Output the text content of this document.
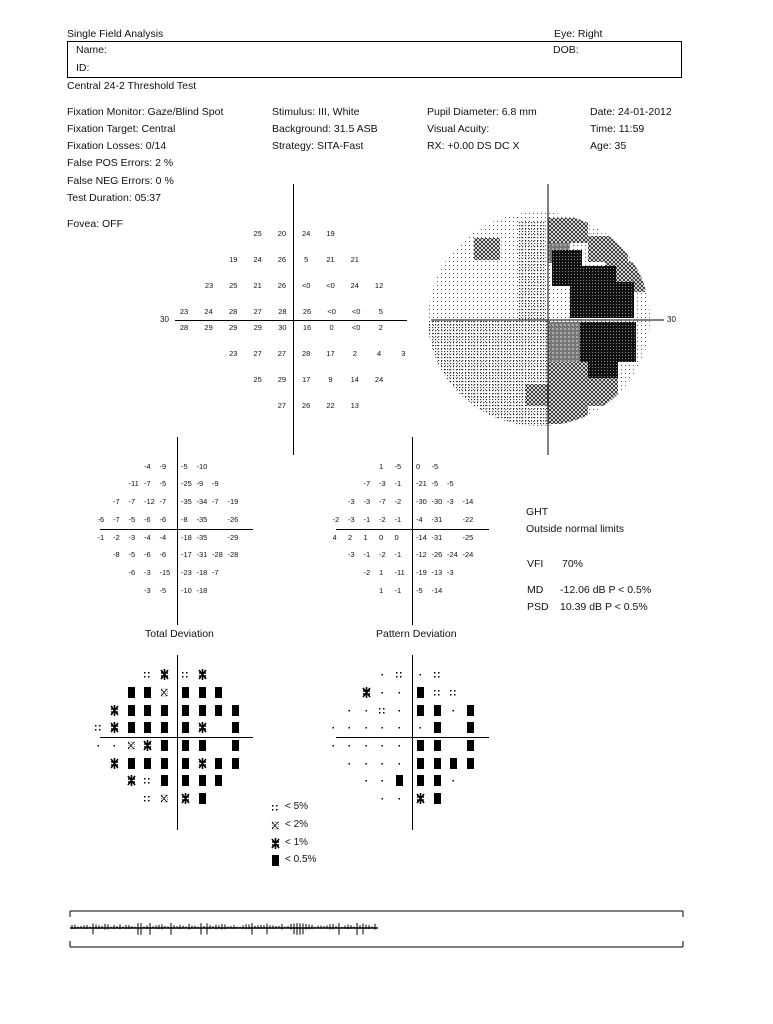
Single Field Analysis	Eye: Right
Name:	DOB:
ID:
Central 24-2 Threshold Test
Fixation Monitor: Gaze/Blind Spot
Fixation Target: Central
Fixation Losses: 0/14
False POS Errors: 2 %
False NEG Errors: 0 %
Test Duration: 05:37
Fovea: OFF
Stimulus: III, White
Background: 31.5 ASB
Strategy: SITA-Fast
Pupil Diameter: 6.8 mm
Visual Acuity:
RX: +0.00 DS DC X
Date: 24-01-2012
Time: 11:59
Age: 35
30
25	20	24	19
19	24	26	5	21	21
23	25	21	26	<0	<0	24	12
23	24	28	27	28	26	<0	<0	5
28	29	29	29	30	16	0	<0	2
23	27	27	28	17	2	4	3
25	29	17	9	14	24
27	26	22	13
30
-4 -9 -5 -10
-11 -7 -5 -25 -9 -9
-7 -7 -12 -7 -35 -34 -7 -19
-6 -7 -5 -6 -6 -8 -35	-26
-1 -2 -3 -4 -4 -18 -35	-29
-8 -5 -6 -6 -17 -31 -28 -28
-6 -3 -15 -23 -18 -7
-3 -5 -10 -18
1 -5 0 -5
-7 -3 -1 -21 -5 -5
-3 -3 -7 -2 -30 -30 -3 -14
-2 -3 -1 -2 -1 -4 -31	-22
4 2 1 0 0 -14 -31	-25
-3 -1 -2 -1 -12 -26 -24 -24
-2 1 -11 -19 -13 -3
1 -1 -5 -14
GHT
Outside normal limits
VFI 70%
MD -12.06 dB P < 0.5%
PSD 10.39 dB P < 0.5%
Total Deviation	Pattern Deviation
< 5%
< 2%
< 1%
< 0.5%
